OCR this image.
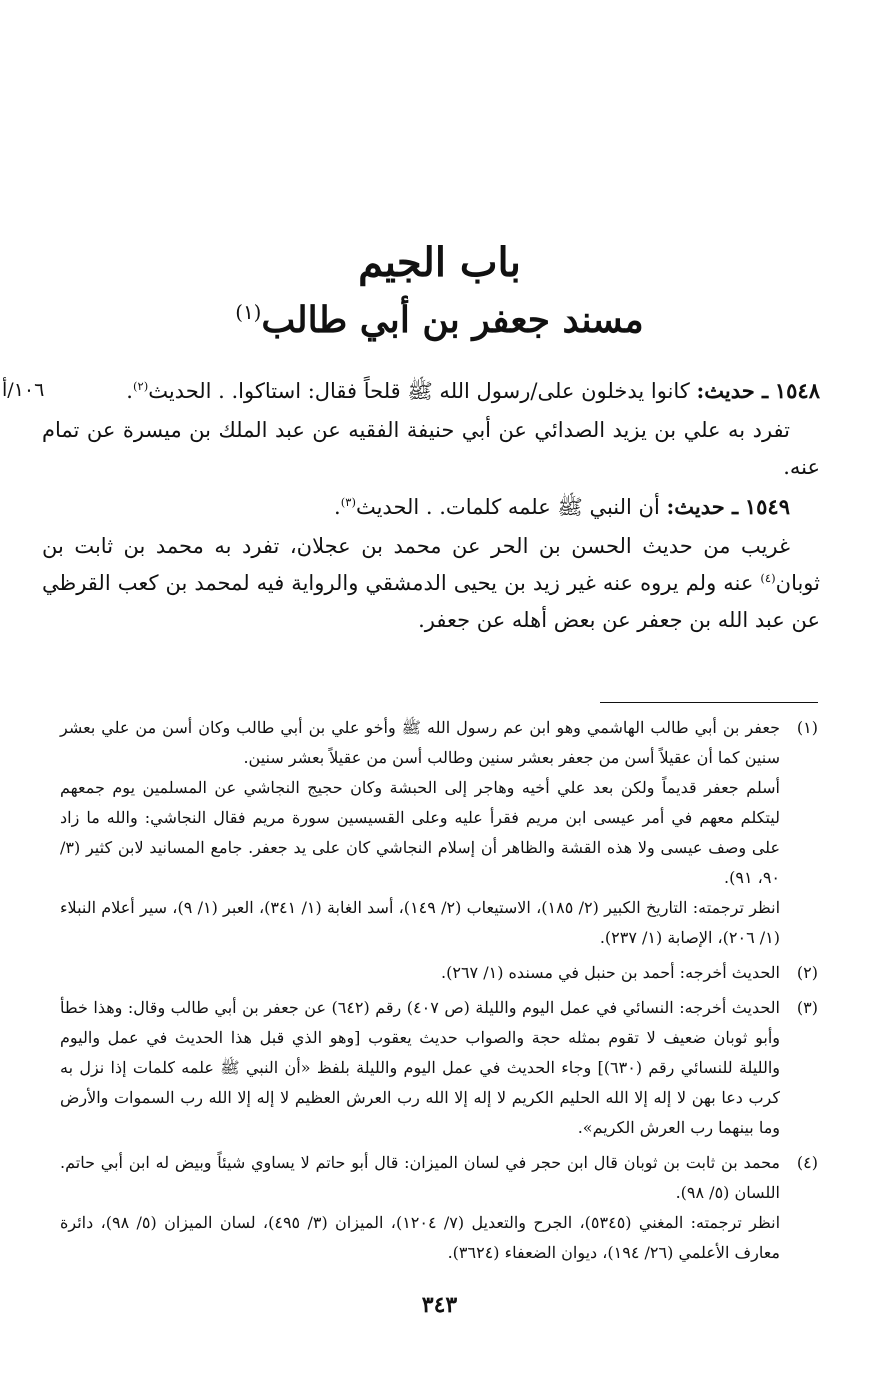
باب الجيم
مسند جعفر بن أبي طالب$^{(١)}$

١٠٦/أ	١٥٤٨ ـ حديث: كانوا يدخلون على/رسول الله ﷺ قلحاً فقال: استاكوا. . الحديث$^{(٢)}$.

تفرد به علي بن يزيد الصدائي عن أبي حنيفة الفقيه عن عبد الملك بن ميسرة عن تمام عنه.

١٥٤٩ ـ حديث: أن النبي ﷺ علمه كلمات. . الحديث$^{(٣)}$.

غريب من حديث الحسن بن الحر عن محمد بن عجلان، تفرد به محمد بن ثابت بن ثوبان$^{(٤)}$ عنه ولم يروه عنه غير زيد بن يحيى الدمشقي والرواية فيه لمحمد بن كعب القرظي عن عبد الله بن جعفر عن بعض أهله عن جعفر.

(١)

جعفر بن أبي طالب الهاشمي وهو ابن عم رسول الله ﷺ وأخو علي بن أبي طالب وكان أسن من علي بعشر سنين كما أن عقيلاً أسن من جعفر بعشر سنين وطالب أسن من عقيلاً بعشر سنين.

أسلم جعفر قديماً ولكن بعد علي أخيه وهاجر إلى الحبشة وكان حجيج النجاشي عن المسلمين يوم جمعهم ليتكلم معهم في أمر عيسى ابن مريم فقرأ عليه وعلى القسيسين سورة مريم فقال النجاشي: والله ما زاد على وصف عيسى ولا هذه القشة والظاهر أن إسلام النجاشي كان على يد جعفر. جامع المسانيد لابن كثير (٣/ ٩٠، ٩١).

انظر ترجمته: التاريخ الكبير (٢/ ١٨٥)، الاستيعاب (٢/ ١٤٩)، أسد الغابة (١/ ٣٤١)، العبر (١/ ٩)، سير أعلام النبلاء (١/ ٢٠٦)، الإصابة (١/ ٢٣٧).

(٢)

الحديث أخرجه: أحمد بن حنبل في مسنده (١/ ٢٦٧).

(٣)

الحديث أخرجه: النسائي في عمل اليوم والليلة (ص ٤٠٧) رقم (٦٤٢) عن جعفر بن أبي طالب وقال: وهذا خطأ وأبو ثوبان ضعيف لا تقوم بمثله حجة والصواب حديث يعقوب [وهو الذي قبل هذا الحديث في عمل واليوم والليلة للنسائي رقم (٦٣٠)] وجاء الحديث في عمل اليوم والليلة بلفظ «أن النبي ﷺ علمه كلمات إذا نزل به كرب دعا بهن لا إله إلا الله الحليم الكريم لا إله إلا الله رب العرش العظيم لا إله إلا الله رب السموات والأرض وما بينهما رب العرش الكريم».

(٤)

محمد بن ثابت بن ثوبان قال ابن حجر في لسان الميزان: قال أبو حاتم لا يساوي شيئاً وبيض له ابن أبي حاتم. اللسان (٥/ ٩٨).

انظر ترجمته: المغني (٥٣٤٥)، الجرح والتعديل (٧/ ١٢٠٤)، الميزان (٣/ ٤٩٥)، لسان الميزان (٥/ ٩٨)، دائرة معارف الأعلمي (٢٦/ ١٩٤)، ديوان الضعفاء (٣٦٢٤).

٣٤٣
